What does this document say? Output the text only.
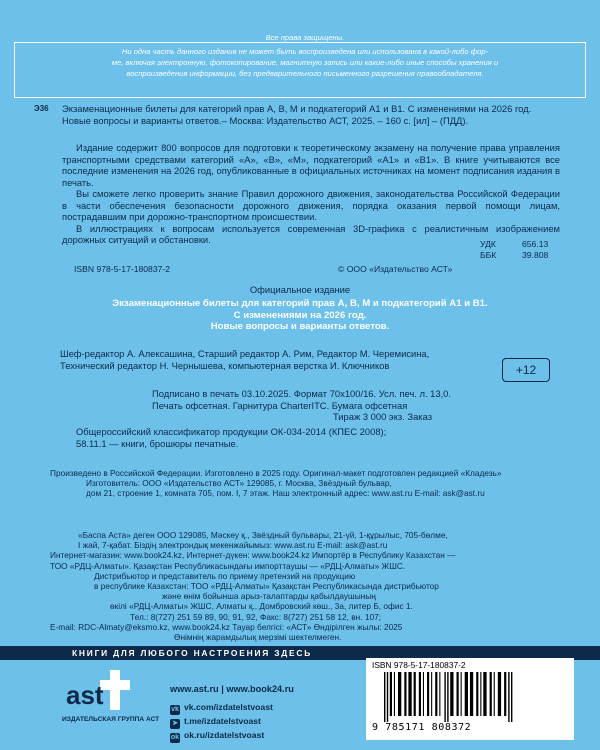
Все права защищены.
Ни одна часть данного издания не может быть воспроизведена или использована в какой-либо фор-
ме, включая электронную, фотокопирование, магнитную запись или какие-либо иные способы хранения и
воспроизведения информации, без предварительного письменного разрешения правообладателя.
Э36 Экзаменационные билеты для категорий прав A, B, M и подкатегорий A1 и B1. С изменениями на 2026 год. Новые вопросы и варианты ответов.– Москва: Издательство АСТ, 2025. – 160 с. [ил] – (ПДД).

Издание содержит 800 вопросов для подготовки к теоретическому экзамену на получение права управления транспортными средствами категорий «А», «В», «М», подкатегорий «А1» и «В1». В книге учитываются все последние изменения на 2026 год, опубликованные в официальных источниках на момент подписания издания в печать.

Вы сможете легко проверить знание Правил дорожного движения, законодательства Российской Федерации в части обеспечения безопасности дорожного движения, порядка оказания первой помощи лицам, пострадавшим при дорожно-транспортном происшествии.

В иллюстрациях к вопросам используется современная 3D-графика с реалистичным изображением дорожных ситуаций и обстановки.	УДК	656.13
ББК	39.808
ISBN 978-5-17-180837-2	© ООО «Издательство АСТ»
Официальное издание
Экзаменационные билеты для категорий прав А, В, М и подкатегорий А1 и В1.
С изменениями на 2026 год.
Новые вопросы и варианты ответов.
Шеф-редактор А. Алексашина, Старший редактор А. Рим, Редактор М. Черемисина,
Технический редактор Н. Чернышева, компьютерная верстка И. Ключников	+12
Подписано в печать 03.10.2025. Формат 70x100/16. Усл. печ. л. 13,0.
Печать офсетная. Гарнитура CharterITC. Бумага офсетная
Тираж 3 000 экз. Заказ
Общероссийский классификатор продукции ОК-034-2014 (КПЕС 2008);
58.11.1 — книги, брошюры печатные.
Произведено в Российской Федерации. Изготовлено в 2025 году. Оригинал-макет подготовлен редакцией «Кладезь»
Изготовитель: ООО «Издательство АСТ» 129085, г. Москва, Звёздный бульвар,
дом 21, строение 1, комната 705, пом. I, 7 этаж. Наш электронный адрес: www.ast.ru E-mail: ask@ast.ru
«Баспа Аста» деген ООО 129085, Мәскеу қ., Звёздный бульвары, 21-үй, 1-құрылыс, 705-бөлме,
I жай, 7-қабат. Біздің электрондық мекенжайымыз: www.ast.ru E-mail: ask@ast.ru
Интернет-магазин: www.book24.kz, Интернет-дүкен: www.book24.kz Импортёр в Республику Казахстан —
ТОО «РДЦ-Алматы». Қазақстан Республикасындағы импорттаушы — «РДЦ-Алматы» ЖШС.
Дистрибьютор и представитель по приему претензий на продукцию
в республике Казахстан: ТОО «РДЦ-Алматы» Қазақстан Республикасында дистрибьютор
және өнім бойынша арыз-талаптарды қабылдаушының
өкілі «РДЦ-Алматы» ЖШС, Алматы қ., Домбровский көш., 3а, литер Б, офис 1.
Тел.: 8(727) 251 59 89, 90, 91, 92, Факс: 8(727) 251 58 12, вн. 107;
E-mail: RDC-Almaty@eksmo.kz, www.book24.kz Тауар белгісі: «АСТ» Өндірілген жылы: 2025
Өнімнің жарамдылық мерзімі шектелмеген.
КНИГИ ДЛЯ ЛЮБОГО НАСТРОЕНИЯ ЗДЕСЬ
ast
ИЗДАТЕЛЬСКАЯ ГРУППА АСТ
www.ast.ru | www.book24.ru
vk vk.com/izdatelstvoast
➤ t.me/izdatelstvoast
ok ok.ru/izdatelstvoast
ISBN 978-5-17-180837-2
9 785171 808372
